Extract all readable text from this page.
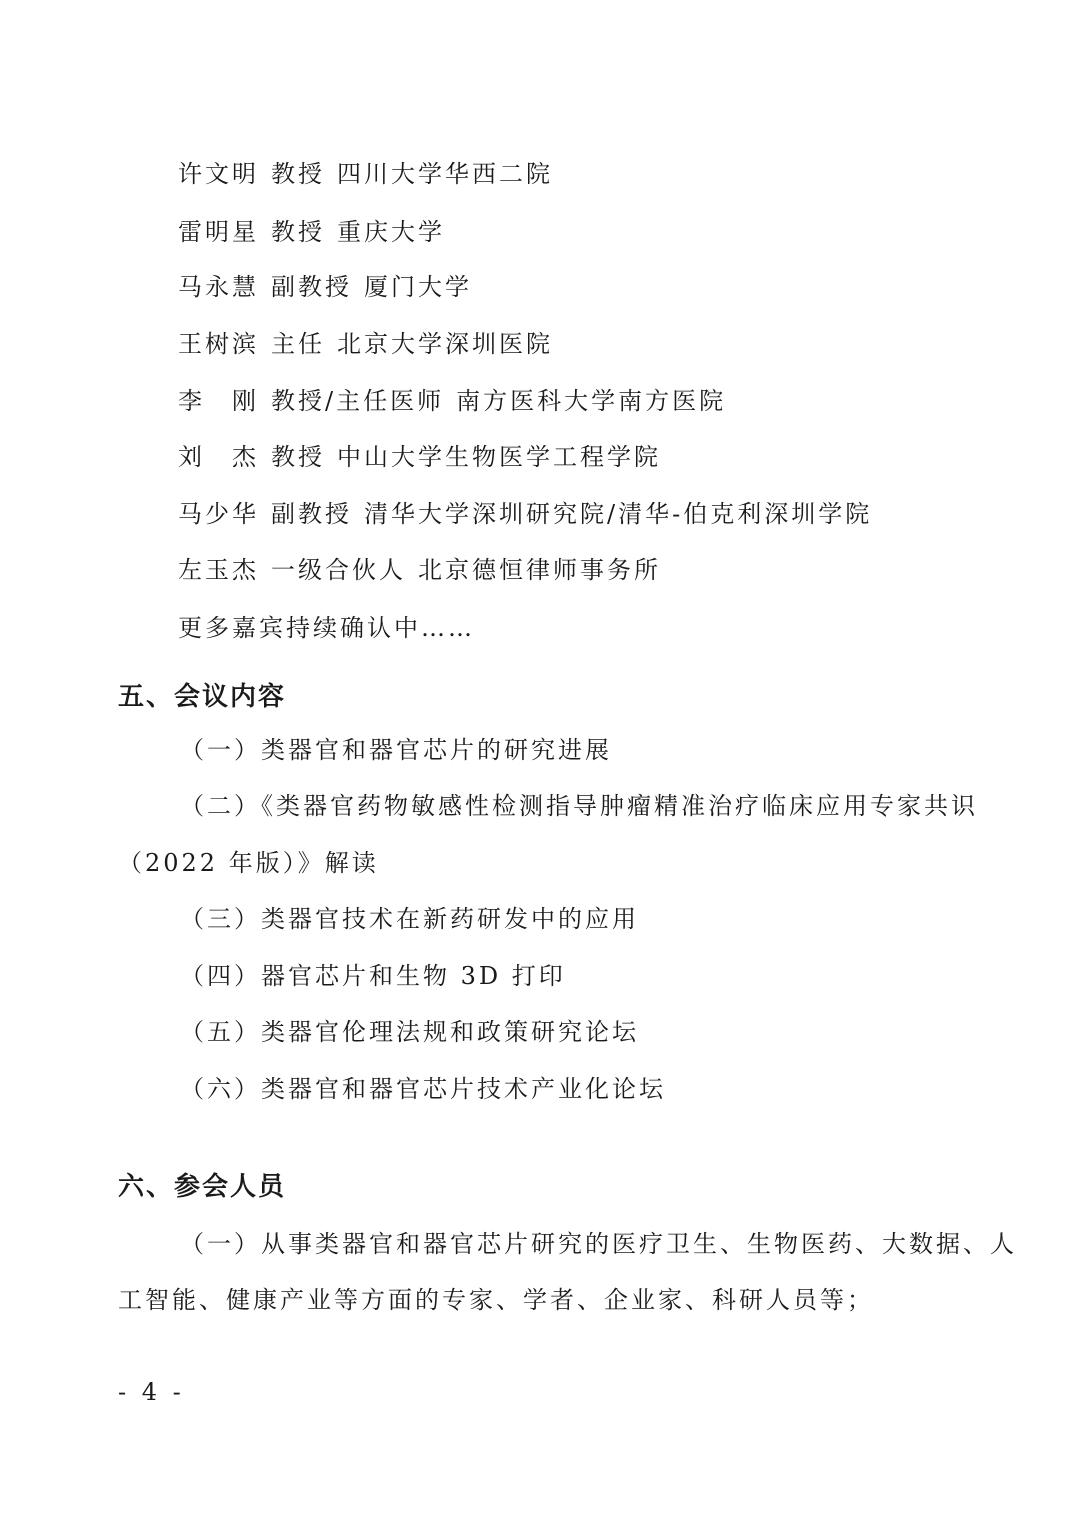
许文明 教授 四川大学华西二院
雷明星 教授 重庆大学
马永慧 副教授 厦门大学
王树滨 主任 北京大学深圳医院
李　刚 教授/主任医师 南方医科大学南方医院
刘　杰 教授 中山大学生物医学工程学院
马少华 副教授 清华大学深圳研究院/清华-伯克利深圳学院
左玉杰 一级合伙人 北京德恒律师事务所
更多嘉宾持续确认中……
五、会议内容
（一）类器官和器官芯片的研究进展
（二）《类器官药物敏感性检测指导肿瘤精准治疗临床应用专家共识
（2022 年版）》解读
（三）类器官技术在新药研发中的应用
（四）器官芯片和生物 3D 打印
（五）类器官伦理法规和政策研究论坛
（六）类器官和器官芯片技术产业化论坛
六、参会人员
（一）从事类器官和器官芯片研究的医疗卫生、生物医药、大数据、人
工智能、健康产业等方面的专家、学者、企业家、科研人员等；
- 4 -
